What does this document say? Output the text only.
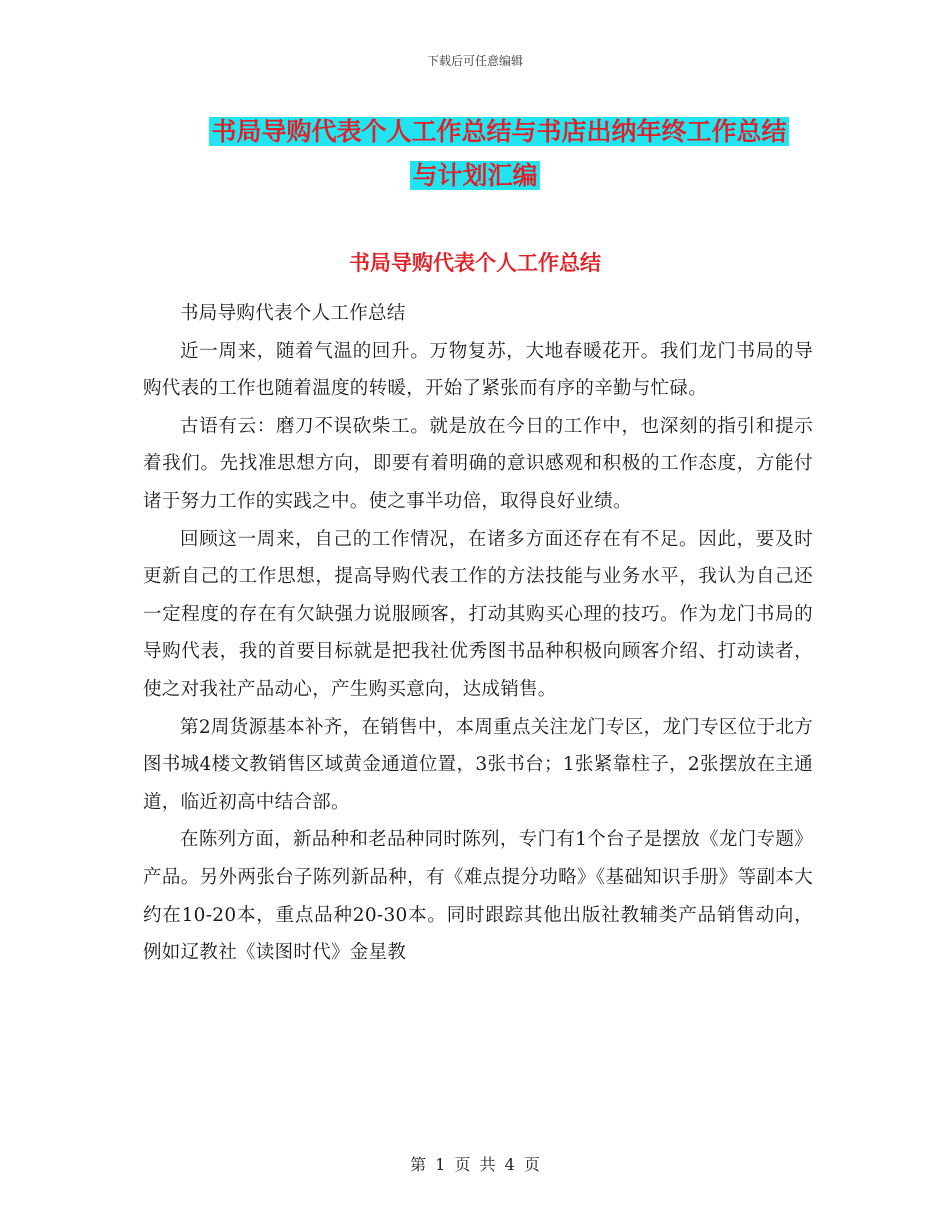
下载后可任意编辑
书局导购代表个人工作总结与书店出纳年终工作总结
与计划汇编
书局导购代表个人工作总结

书局导购代表个人工作总结

近一周来，随着气温的回升。万物复苏，大地春暖花开。我们龙门书局的导购代表的工作也随着温度的转暖，开始了紧张而有序的辛勤与忙碌。

古语有云：磨刀不误砍柴工。就是放在今日的工作中，也深刻的指引和提示着我们。先找准思想方向，即要有着明确的意识感观和积极的工作态度，方能付诸于努力工作的实践之中。使之事半功倍，取得良好业绩。

回顾这一周来，自己的工作情况，在诸多方面还存在有不足。因此，要及时更新自己的工作思想，提高导购代表工作的方法技能与业务水平，我认为自己还一定程度的存在有欠缺强力说服顾客，打动其购买心理的技巧。作为龙门书局的导购代表，我的首要目标就是把我社优秀图书品种积极向顾客介绍、打动读者，使之对我社产品动心，产生购买意向，达成销售。

第2周货源基本补齐，在销售中，本周重点关注龙门专区，龙门专区位于北方图书城4楼文教销售区域黄金通道位置，3张书台；1张紧靠柱子，2张摆放在主通道，临近初高中结合部。

在陈列方面，新品种和老品种同时陈列，专门有1个台子是摆放《龙门专题》产品。另外两张台子陈列新品种，有《难点提分功略》《基础知识手册》等副本大约在10-20本，重点品种20-30本。同时跟踪其他出版社教辅类产品销售动向，例如辽教社《读图时代》金星教

第 1 页 共 4 页
